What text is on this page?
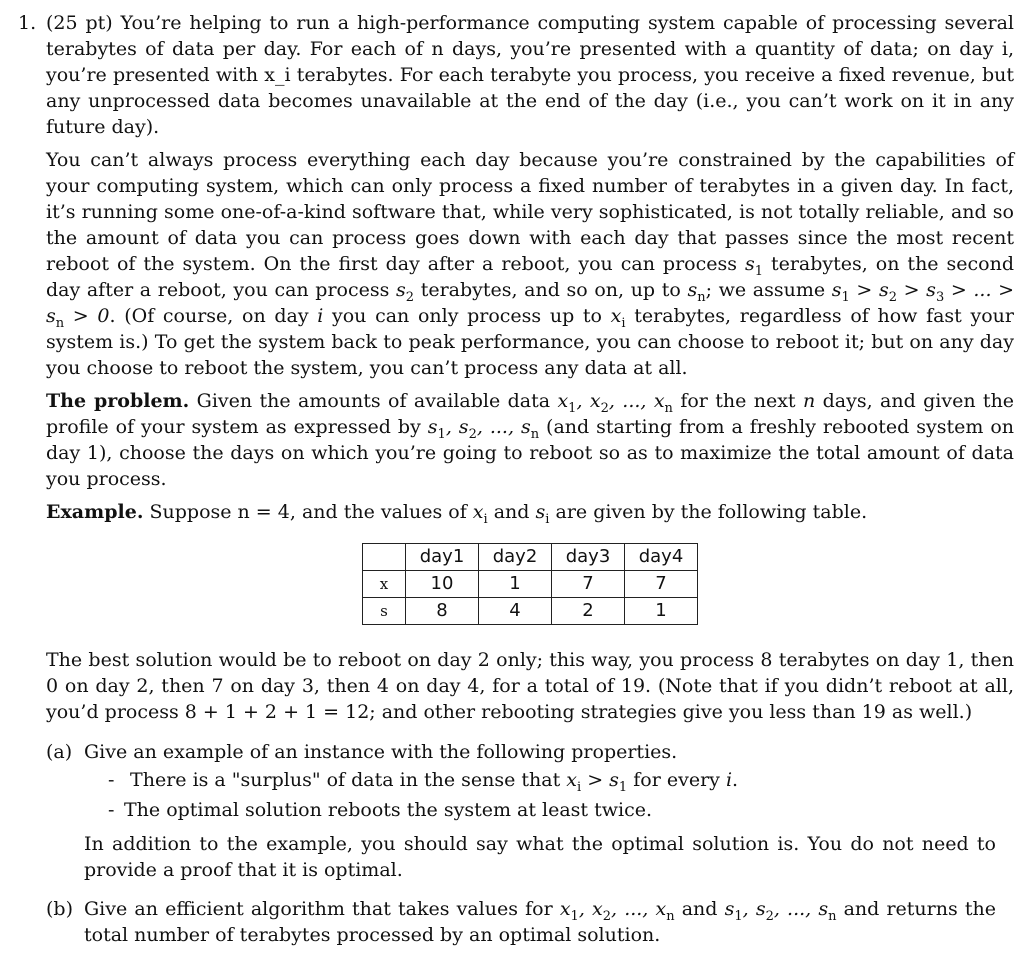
1. (25 pt) You’re helping to run a high-performance computing system capable of processing several terabytes of data per day. For each of n days, you’re presented with a quantity of data; on day i, you’re presented with x_i terabytes. For each terabyte you process, you receive a fixed revenue, but any unprocessed data becomes unavailable at the end of the day (i.e., you can’t work on it in any future day).

You can’t always process everything each day because you’re constrained by the capabilities of your computing system, which can only process a fixed number of terabytes in a given day. In fact, it’s running some one-of-a-kind software that, while very sophisticated, is not totally reliable, and so the amount of data you can process goes down with each day that passes since the most recent reboot of the system. On the first day after a reboot, you can process $s_1$ terabytes, on the second day after a reboot, you can process $s_2$ terabytes, and so on, up to $s_n$; we assume $s_1 > s_2 > s_3$ > ... > $s_n > 0$. (Of course, on day i you can only process up to $x_i$ terabytes, regardless of how fast your system is.) To get the system back to peak performance, you can choose to reboot it; but on any day you choose to reboot the system, you can’t process any data at all.

The problem. Given the amounts of available data $x_1$, $x_2$, ..., $x_n$ for the next n days, and given the profile of your system as expressed by $s_1$, $s_2$, ..., $s_n$ (and starting from a freshly rebooted system on day 1), choose the days on which you’re going to reboot so as to maximize the total amount of data you process.

Example. Suppose n = 4, and the values of $x_i$ and $s_i$ are given by the following table.

	day1	day2	day3	day4
x	10	1	7	7
s	8	4	2	1

The best solution would be to reboot on day 2 only; this way, you process 8 terabytes on day 1, then 0 on day 2, then 7 on day 3, then 4 on day 4, for a total of 19. (Note that if you didn’t reboot at all, you’d process 8 + 1 + 2 + 1 = 12; and other rebooting strategies give you less than 19 as well.)

(a) Give an example of an instance with the following properties.
- There is a "surplus" of data in the sense that $x_i > s_1$ for every i.
- The optimal solution reboots the system at least twice.

In addition to the example, you should say what the optimal solution is. You do not need to provide a proof that it is optimal.

(b) Give an efficient algorithm that takes values for $x_1$, $x_2$, ..., $x_n$ and $s_1$, $s_2$, ..., $s_n$ and returns the total number of terabytes processed by an optimal solution.
